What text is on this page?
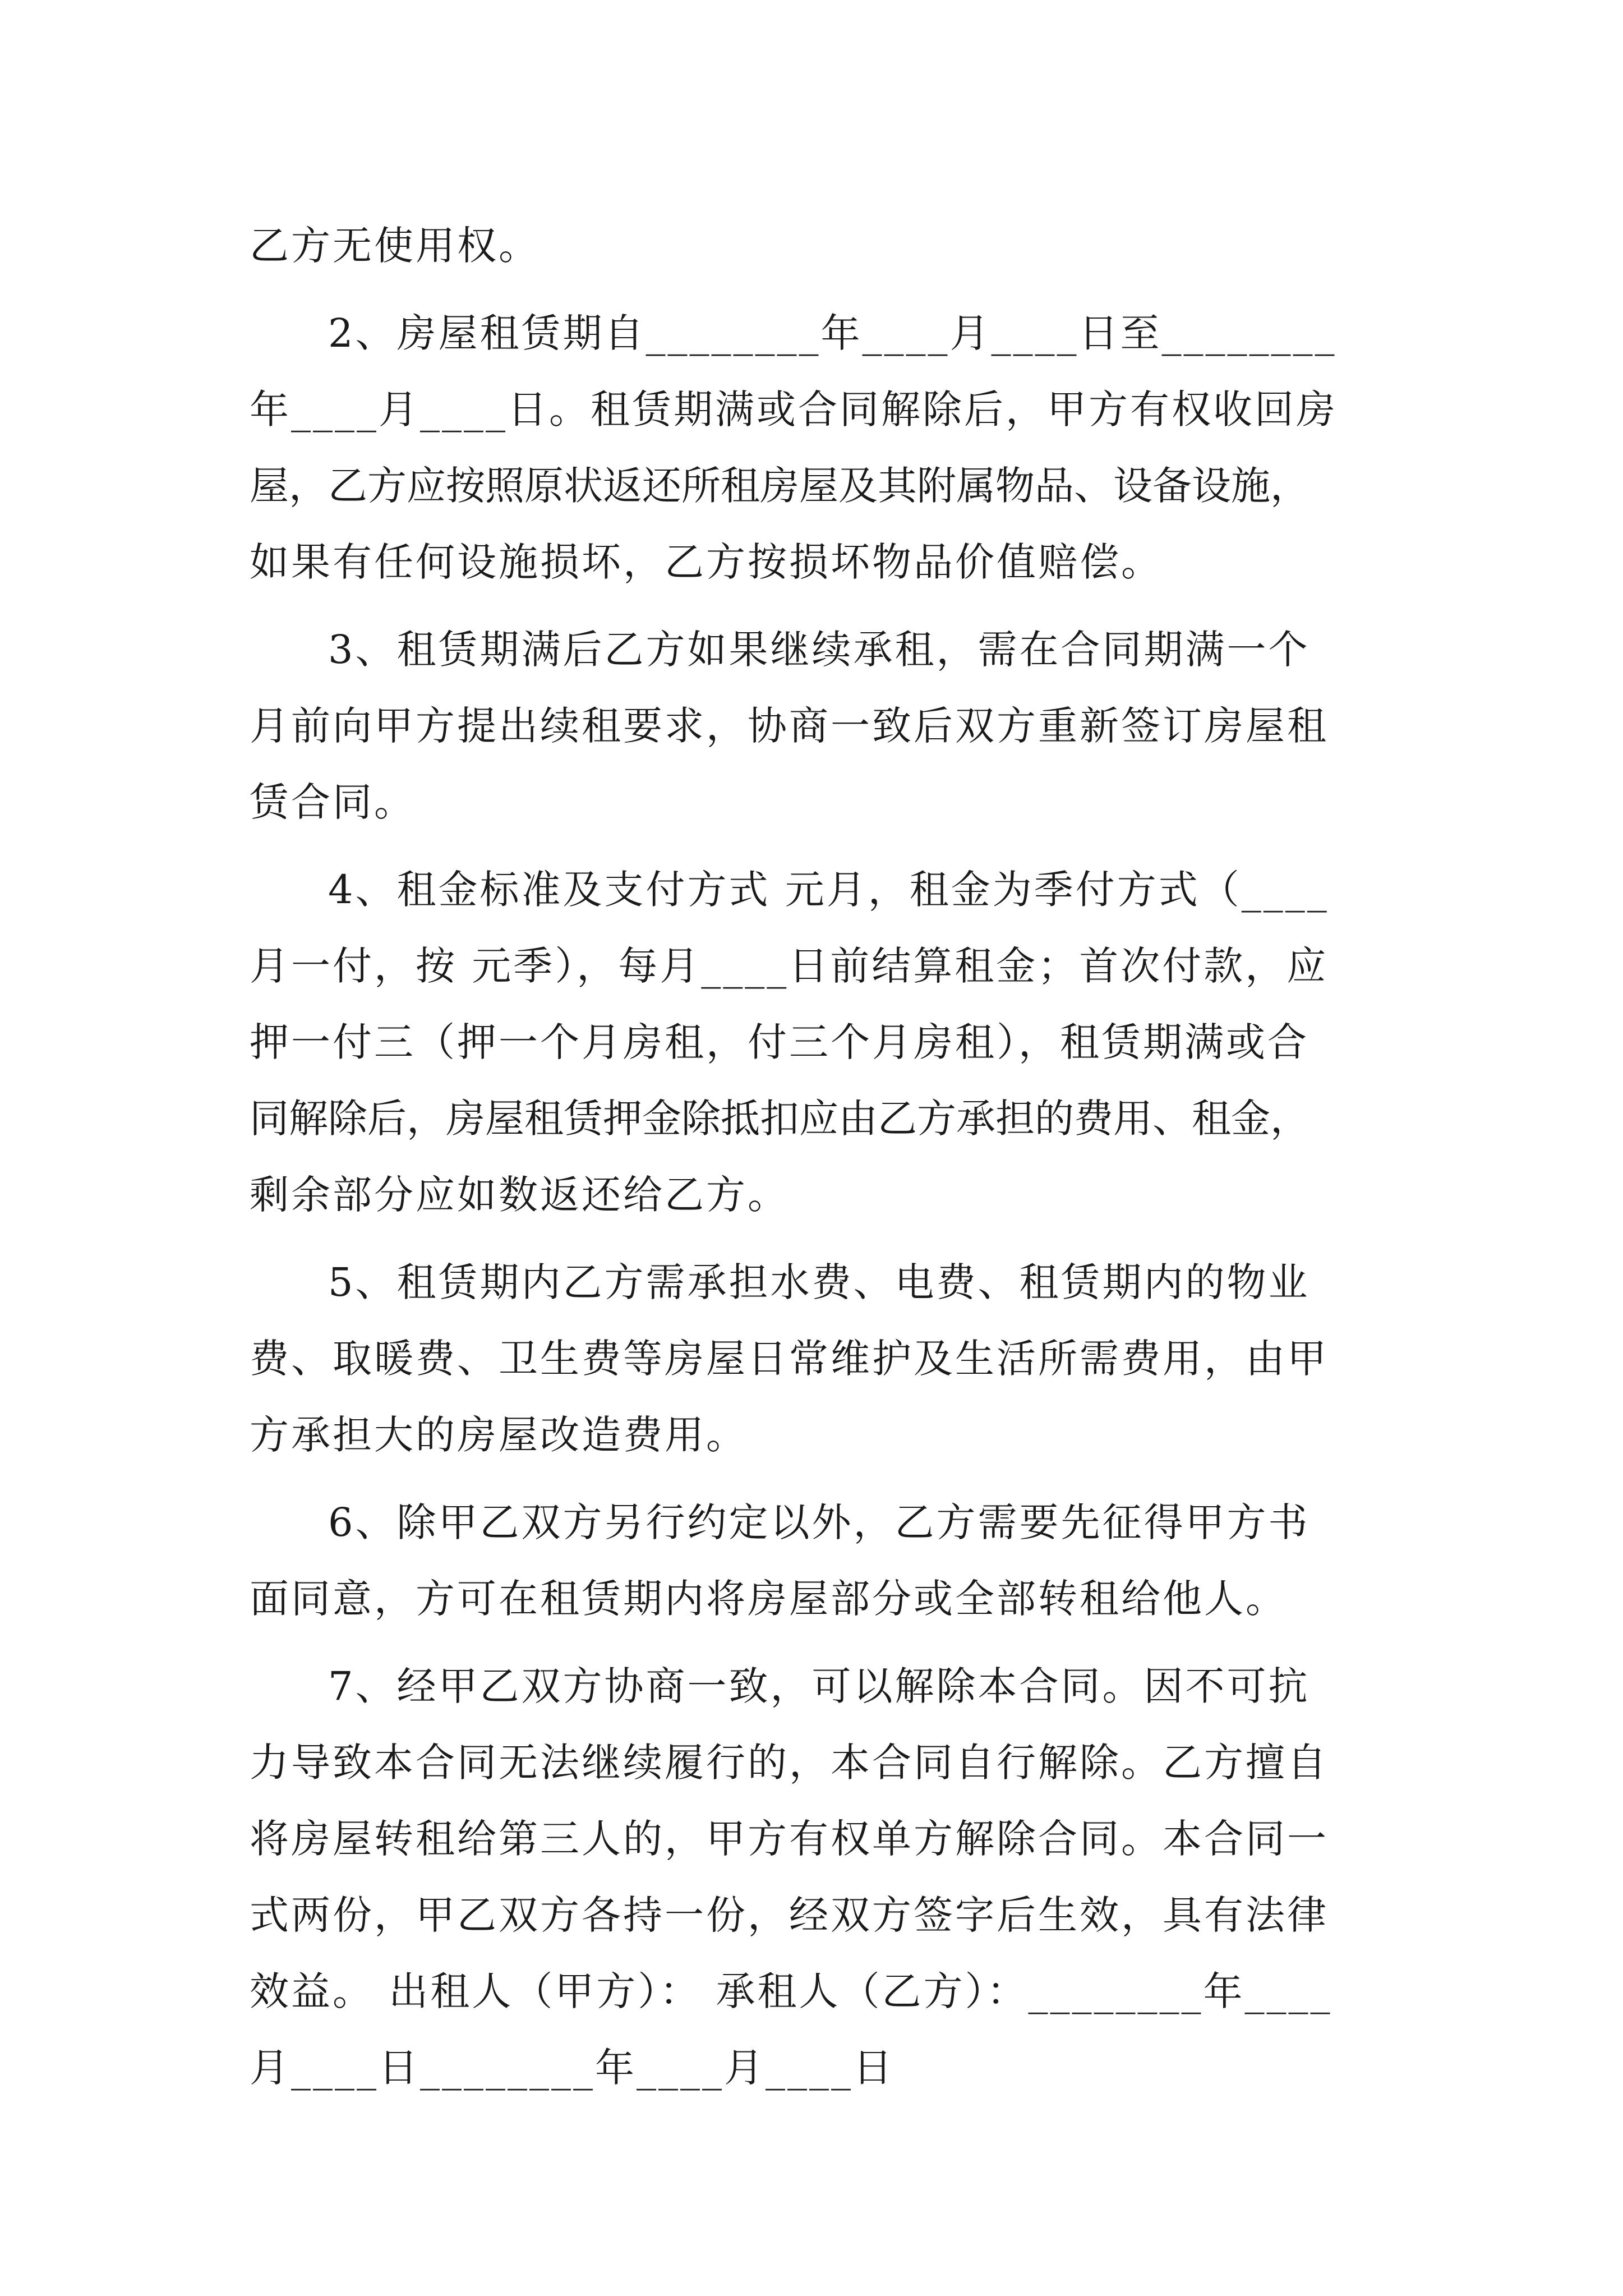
乙方无使用权。
2、房屋租赁期自________年____月____日至________
年____月____日。租赁期满或合同解除后，甲方有权收回房
屋，乙方应按照原状返还所租房屋及其附属物品、设备设施，
如果有任何设施损坏，乙方按损坏物品价值赔偿。
3、租赁期满后乙方如果继续承租，需在合同期满一个
月前向甲方提出续租要求，协商一致后双方重新签订房屋租
赁合同。
4、租金标准及支付方式 元月，租金为季付方式（____
月一付，按 元季），每月____日前结算租金；首次付款，应
押一付三（押一个月房租，付三个月房租），租赁期满或合
同解除后，房屋租赁押金除抵扣应由乙方承担的费用、租金，
剩余部分应如数返还给乙方。
5、租赁期内乙方需承担水费、电费、租赁期内的物业
费、取暖费、卫生费等房屋日常维护及生活所需费用，由甲
方承担大的房屋改造费用。
6、除甲乙双方另行约定以外，乙方需要先征得甲方书
面同意，方可在租赁期内将房屋部分或全部转租给他人。
7、经甲乙双方协商一致，可以解除本合同。因不可抗
力导致本合同无法继续履行的，本合同自行解除。乙方擅自
将房屋转租给第三人的，甲方有权单方解除合同。本合同一
式两份，甲乙双方各持一份，经双方签字后生效，具有法律
效益。 出租人（甲方）： 承租人（乙方）：________年____
月____日________年____月____日
